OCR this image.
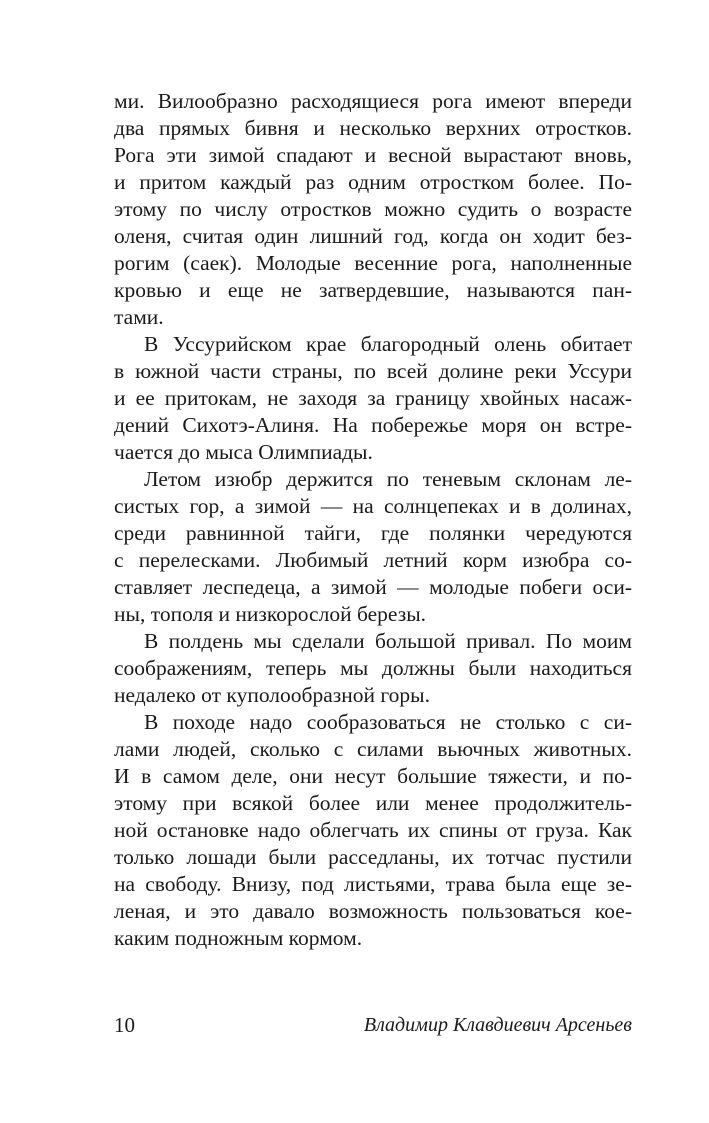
ми. Вилообразно расходящиеся рога имеют впереди
два прямых бивня и несколько верхних отростков.
Рога эти зимой спадают и весной вырастают вновь,
и притом каждый раз одним отростком более. По-
этому по числу отростков можно судить о возрасте
оленя, считая один лишний год, когда он ходит без-
рогим (саек). Молодые весенние рога, наполненные
кровью и еще не затвердевшие, называются пан-
тами.
В Уссурийском крае благородный олень обитает
в южной части страны, по всей долине реки Уссури
и ее притокам, не заходя за границу хвойных насаж-
дений Сихотэ-Алиня. На побережье моря он встре-
чается до мыса Олимпиады.
Летом изюбр держится по теневым склонам ле-
систых гор, а зимой — на солнцепеках и в долинах,
среди равнинной тайги, где полянки чередуются
с перелесками. Любимый летний корм изюбра со-
ставляет леспедеца, а зимой — молодые побеги оси-
ны, тополя и низкорослой березы.
В полдень мы сделали большой привал. По моим
соображениям, теперь мы должны были находиться
недалеко от куполообразной горы.
В походе надо сообразоваться не столько с си-
лами людей, сколько с силами вьючных животных.
И в самом деле, они несут большие тяжести, и по-
этому при всякой более или менее продолжитель-
ной остановке надо облегчать их спины от груза. Как
только лошади были расседланы, их тотчас пустили
на свободу. Внизу, под листьями, трава была еще зе-
леная, и это давало возможность пользоваться кое-
каким подножным кормом.
10	Владимир Клавдиевич Арсеньев
